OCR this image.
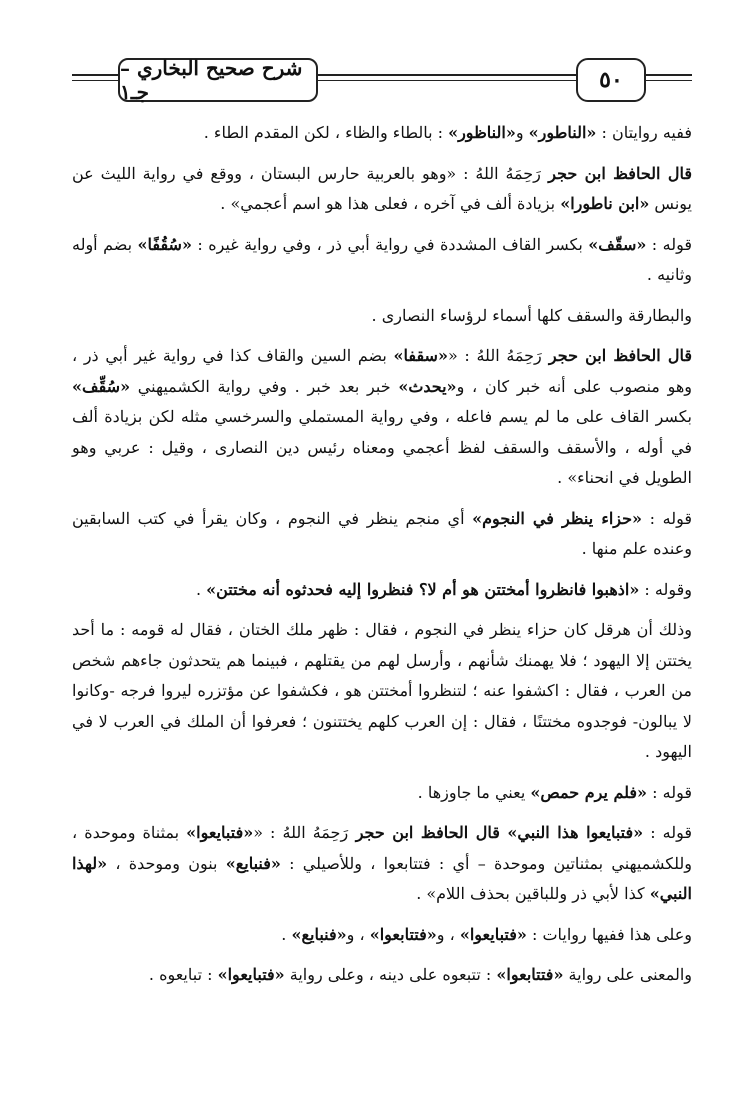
شرح صحيح البخاري – جـ١	٥٠

ففيه روايتان : «الناطور» و«الناظور» : بالطاء والظاء ، لكن المقدم الطاء .

قال الحافظ ابن حجر رَحِمَهُ اللهُ : «وهو بالعربية حارس البستان ، ووقع في رواية الليث عن يونس «ابن ناطورا» بزيادة ألف في آخره ، فعلى هذا هو اسم أعجمي» .

قوله : «سقّف» بكسر القاف المشددة في رواية أبي ذر ، وفي رواية غيره : «سُقُفًا» بضم أوله وثانيه .

والبطارقة والسقف كلها أسماء لرؤساء النصارى .

قال الحافظ ابن حجر رَحِمَهُ اللهُ : ««سقفا» بضم السين والقاف كذا في رواية غير أبي ذر ، وهو منصوب على أنه خبر كان ، و«يحدث» خبر بعد خبر . وفي رواية الكشميهني «سُقِّف» بكسر القاف على ما لم يسم فاعله ، وفي رواية المستملي والسرخسي مثله لكن بزيادة ألف في أوله ، والأسقف والسقف لفظ أعجمي ومعناه رئيس دين النصارى ، وقيل : عربي وهو الطويل في انحناء» .

قوله : «حزاء ينظر في النجوم» أي منجم ينظر في النجوم ، وكان يقرأ في كتب السابقين وعنده علم منها .

وقوله : «اذهبوا فانظروا أمختتن هو أم لا؟ فنظروا إليه فحدثوه أنه مختتن» .

وذلك أن هرقل كان حزاء ينظر في النجوم ، فقال : ظهر ملك الختان ، فقال له قومه : ما أحد يختتن إلا اليهود ؛ فلا يهمنك شأنهم ، وأرسل لهم من يقتلهم ، فبينما هم يتحدثون جاءهم شخص من العرب ، فقال : اكشفوا عنه ؛ لتنظروا أمختتن هو ، فكشفوا عن مؤتزره ليروا فرجه -وكانوا لا يبالون- فوجدوه مختتنًا ، فقال : إن العرب كلهم يختتنون ؛ فعرفوا أن الملك في العرب لا في اليهود .

قوله : «فلم يرم حمص» يعني ما جاوزها .

قوله : «فتبايعوا هذا النبي» قال الحافظ ابن حجر رَحِمَهُ اللهُ : ««فتبايعوا» بمثناة وموحدة ، وللكشميهني بمثناتين وموحدة – أي : فتتابعوا ، وللأصيلي : «فنبايع» بنون وموحدة ، «لهذا النبي» كذا لأبي ذر وللباقين بحذف اللام» .

وعلى هذا ففيها روايات : «فتبايعوا» ، و«فتتابعوا» ، و«فنبايع» .

والمعنى على رواية «فتتابعوا» : تتبعوه على دينه ، وعلى رواية «فتبايعوا» : تبايعوه .
